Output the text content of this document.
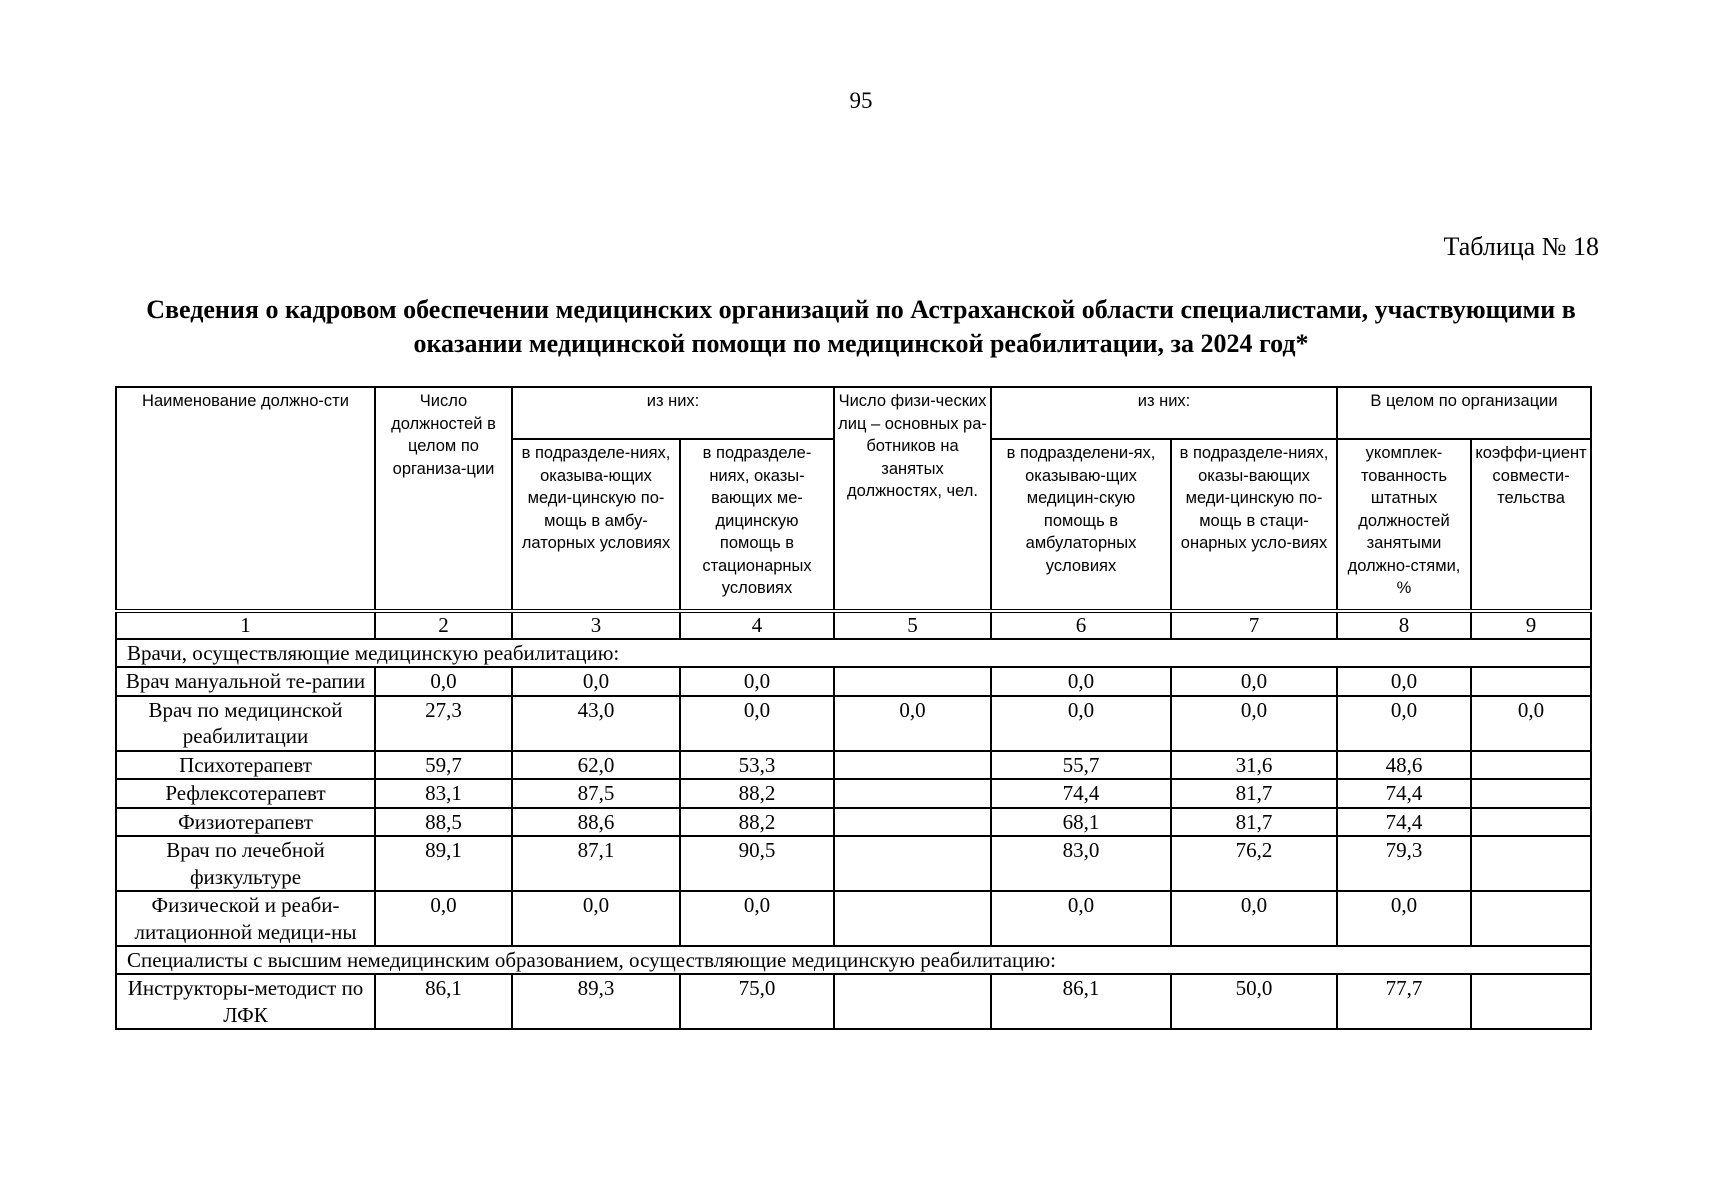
95
Таблица № 18
Сведения о кадровом обеспечении медицинских организаций по Астраханской области специалистами, участвующими в оказании медицинской помощи по медицинской реабилитации, за 2024 год*
Наименование должно-сти	Число должностей в целом по организа-ции	из них:		Число физи-ческих лиц – основных ра-ботников на занятых должностях, чел.	из них:		В целом по организации	
		в подразделе-ниях, оказыва-ющих меди-цинскую по-мощь в амбу-латорных условиях	в подразделе-ниях, оказы-вающих ме-дицинскую помощь в стационарных условиях		в подразделени-ях, оказываю-щих медицин-скую помощь в амбулаторных условиях	в подразделе-ниях, оказы-вающих меди-цинскую по-мощь в стаци-онарных усло-виях	укомплек-тованность штатных должностей занятыми должно-стями, %	коэффи-циент совмести-тельства
1	2	3	4	5	6	7	8	9
Врачи, осуществляющие медицинскую реабилитацию:								
Врач мануальной те-рапии	0,0	0,0	0,0		0,0	0,0	0,0	
Врач по медицинской реабилитации	27,3	43,0	0,0	0,0	0,0	0,0	0,0	0,0
Психотерапевт	59,7	62,0	53,3		55,7	31,6	48,6	
Рефлексотерапевт	83,1	87,5	88,2		74,4	81,7	74,4	
Физиотерапевт	88,5	88,6	88,2		68,1	81,7	74,4	
Врач по лечебной физкультуре	89,1	87,1	90,5		83,0	76,2	79,3	
Физической и реаби-литационной медици-ны	0,0	0,0	0,0		0,0	0,0	0,0	
Специалисты с высшим немедицинским образованием, осуществляющие медицинскую реабилитацию:								
Инструкторы-методист по ЛФК	86,1	89,3	75,0		86,1	50,0	77,7	
